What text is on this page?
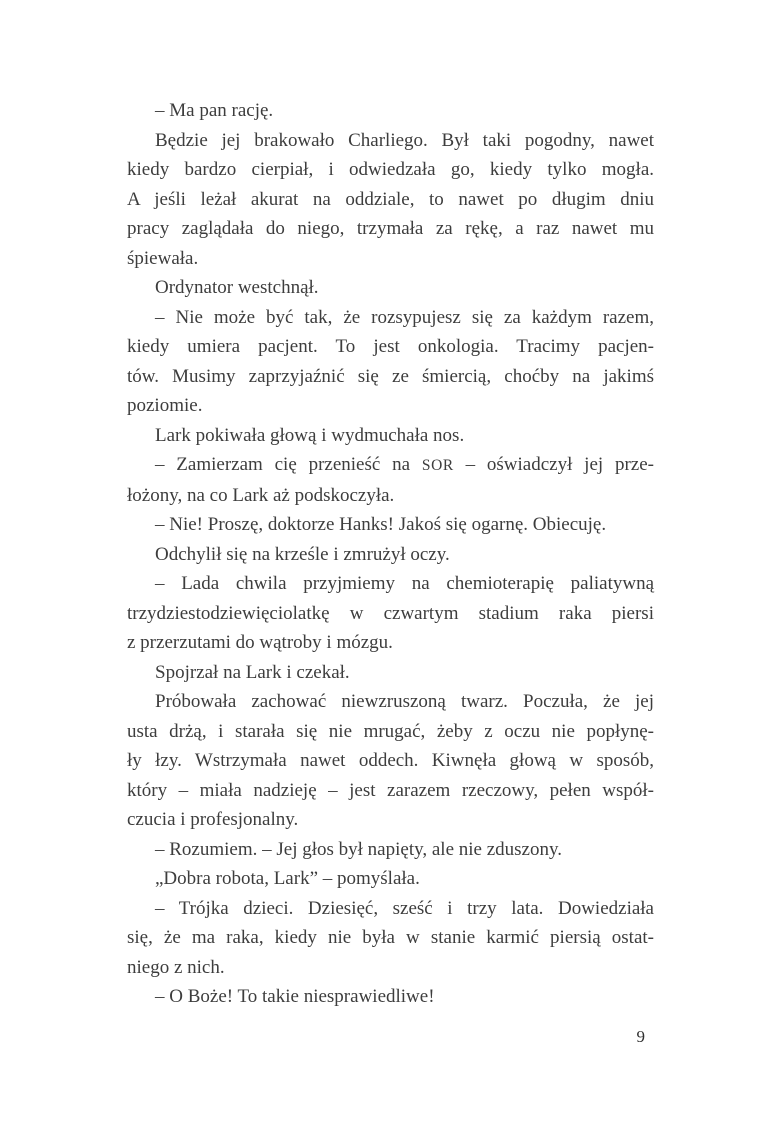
– Ma pan rację.

Będzie jej brakowało Charliego. Był taki pogodny, nawet
kiedy bardzo cierpiał, i odwiedzała go, kiedy tylko mogła.
A jeśli leżał akurat na oddziale, to nawet po długim dniu
pracy zaglądała do niego, trzymała za rękę, a raz nawet mu
śpiewała.

Ordynator westchnął.

– Nie może być tak, że rozsypujesz się za każdym razem,
kiedy umiera pacjent. To jest onkologia. Tracimy pacjen-
tów. Musimy zaprzyjaźnić się ze śmiercią, choćby na jakimś
poziomie.

Lark pokiwała głową i wydmuchała nos.

– Zamierzam cię przenieść na SOR – oświadczył jej prze-
łożony, na co Lark aż podskoczyła.

– Nie! Proszę, doktorze Hanks! Jakoś się ogarnę. Obiecuję.

Odchylił się na krześle i zmrużył oczy.

– Lada chwila przyjmiemy na chemioterapię paliatywną
trzydziestodziewięciolatkę w czwartym stadium raka piersi
z przerzutami do wątroby i mózgu.

Spojrzał na Lark i czekał.

Próbowała zachować niewzruszoną twarz. Poczuła, że jej
usta drżą, i starała się nie mrugać, żeby z oczu nie popłynę-
ły łzy. Wstrzymała nawet oddech. Kiwnęła głową w sposób,
który – miała nadzieję – jest zarazem rzeczowy, pełen współ-
czucia i profesjonalny.

– Rozumiem. – Jej głos był napięty, ale nie zduszony.

„Dobra robota, Lark” – pomyślała.

– Trójka dzieci. Dziesięć, sześć i trzy lata. Dowiedziała
się, że ma raka, kiedy nie była w stanie karmić piersią ostat-
niego z nich.

– O Boże! To takie niesprawiedliwe!

9
